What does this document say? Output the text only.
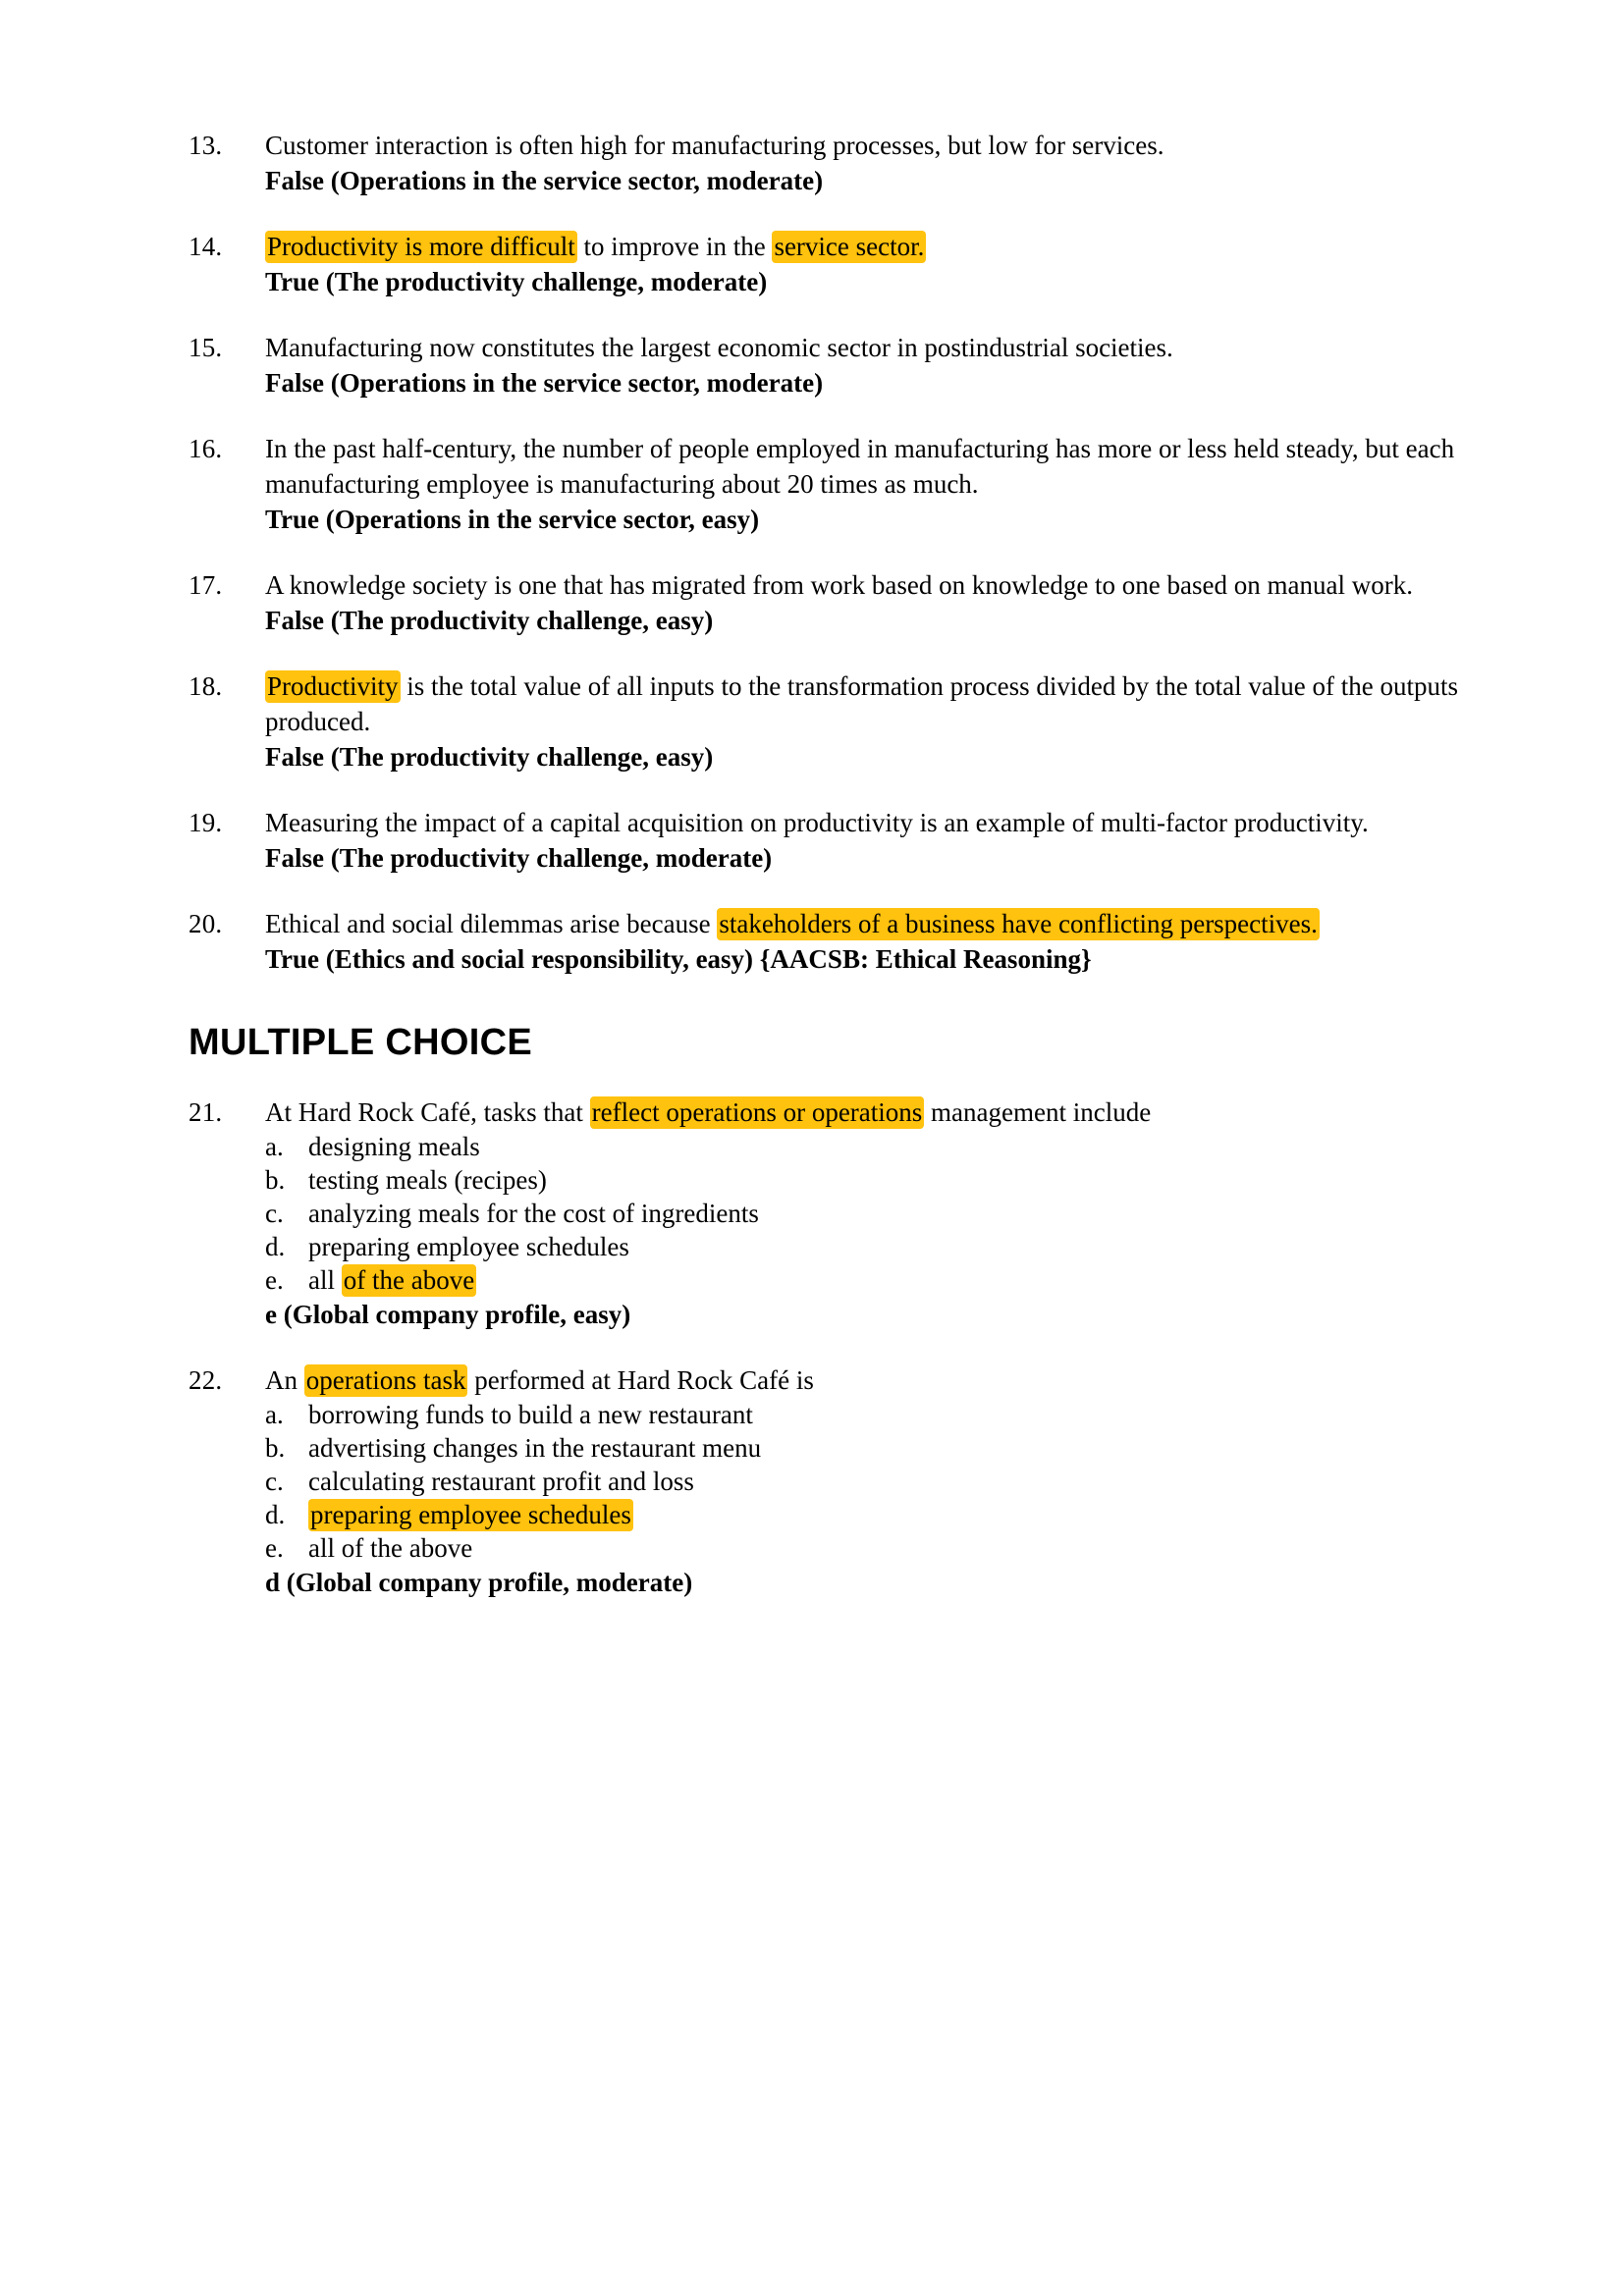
13.	Customer interaction is often high for manufacturing processes, but low for services.
False (Operations in the service sector, moderate)
14.	Productivity is more difficult to improve in the service sector.
True (The productivity challenge, moderate)
15.	Manufacturing now constitutes the largest economic sector in postindustrial societies.
False (Operations in the service sector, moderate)
16.	In the past half-century, the number of people employed in manufacturing has more or less held steady, but each manufacturing employee is manufacturing about 20 times as much.
True (Operations in the service sector, easy)
17.	A knowledge society is one that has migrated from work based on knowledge to one based on manual work.
False (The productivity challenge, easy)
18.	Productivity is the total value of all inputs to the transformation process divided by the total value of the outputs produced.
False (The productivity challenge, easy)
19.	Measuring the impact of a capital acquisition on productivity is an example of multi-factor productivity.
False (The productivity challenge, moderate)
20.	Ethical and social dilemmas arise because stakeholders of a business have conflicting perspectives.
True (Ethics and social responsibility, easy) {AACSB: Ethical Reasoning}
MULTIPLE CHOICE
21.	At Hard Rock Café, tasks that reflect operations or operations management include
a. designing meals
b. testing meals (recipes)
c. analyzing meals for the cost of ingredients
d. preparing employee schedules
e. all of the above
e (Global company profile, easy)
22.	An operations task performed at Hard Rock Café is
a. borrowing funds to build a new restaurant
b. advertising changes in the restaurant menu
c. calculating restaurant profit and loss
d. preparing employee schedules
e. all of the above
d (Global company profile, moderate)
